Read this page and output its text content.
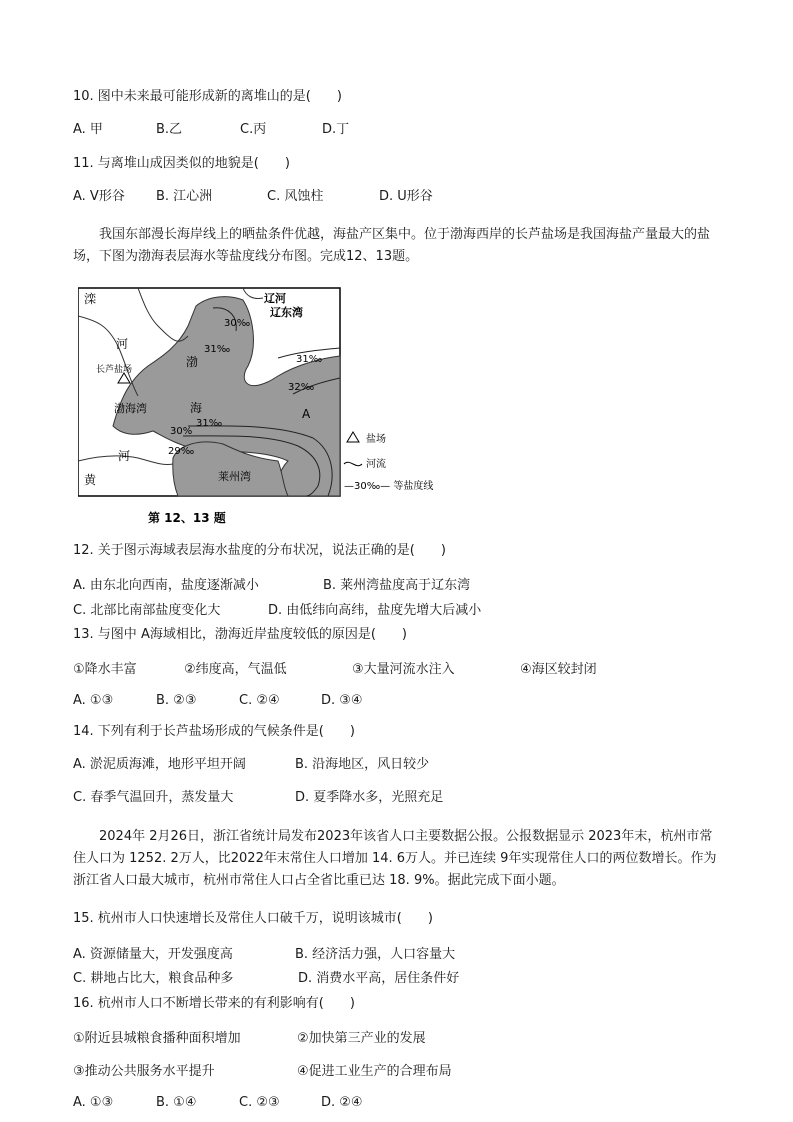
10. 图中未来最可能形成新的离堆山的是(　　)
A. 甲	B.乙	C.丙	D.丁
11. 与离堆山成因类似的地貌是(　　)
A. V形谷 B. 江心洲	C. 风蚀柱	D. U形谷
我国东部漫长海岸线上的晒盐条件优越，海盐产区集中。位于渤海西岸的长芦盐场是我国海盐产量最大的盐场，下图为渤海表层海水等盐度线分布图。完成12、13题。
滦	辽河
辽东湾
30‰
河
渤
31‰
31‰
长芦盐场
32‰
海
渤海湾	A
31‰
30%
河	29‰
黄	莱州湾
盐场
河流
—30‰— 等盐度线
第 12、13 题
12. 关于图示海域表层海水盐度的分布状况，说法正确的是(　　)
A. 由东北向西南，盐度逐渐减小	B. 莱州湾盐度高于辽东湾
C. 北部比南部盐度变化大	D. 由低纬向高纬，盐度先增大后减小
13. 与图中 A海域相比，渤海近岸盐度较低的原因是(　　)
①降水丰富	②纬度高，气温低	③大量河流水注入	④海区较封闭
A. ①③	B. ②③	C. ②④	D. ③④
14. 下列有利于长芦盐场形成的气候条件是(　　)
A. 淤泥质海滩，地形平坦开阔	B. 沿海地区，风日较少
C. 春季气温回升，蒸发量大	D. 夏季降水多，光照充足
2024年 2月26日，浙江省统计局发布2023年该省人口主要数据公报。公报数据显示 2023年末，杭州市常住人口为 1252. 2万人，比2022年末常住人口增加 14. 6万人。并已连续 9年实现常住人口的两位数增长。作为浙江省人口最大城市，杭州市常住人口占全省比重已达 18. 9%。据此完成下面小题。
15. 杭州市人口快速增长及常住人口破千万，说明该城市(　　)
A. 资源储量大，开发强度高	B. 经济活力强，人口容量大
C. 耕地占比大，粮食品种多	D. 消费水平高，居住条件好
16. 杭州市人口不断增长带来的有利影响有(　　)
①附近县城粮食播种面积增加	②加快第三产业的发展
③推动公共服务水平提升	④促进工业生产的合理布局
A. ①③	B. ①④	C. ②③	D. ②④
